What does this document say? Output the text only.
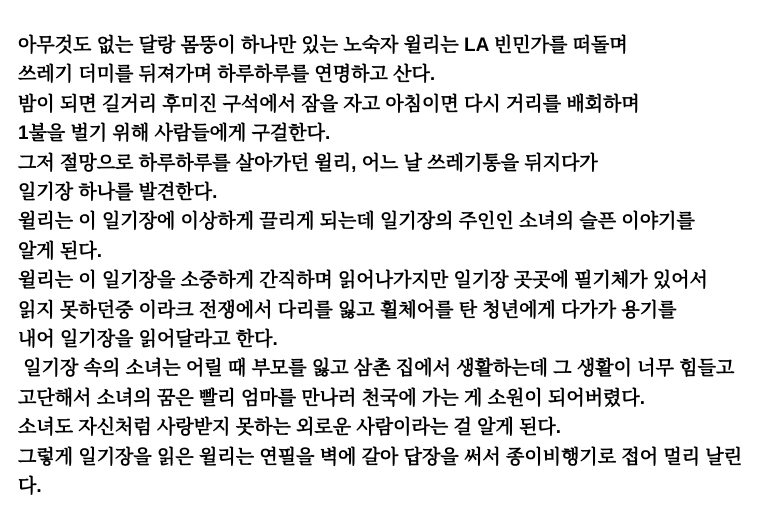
아무것도 없는 달랑 몸뚱이 하나만 있는 노숙자 윌리는 LA 빈민가를 떠돌며

쓰레기 더미를 뒤져가며 하루하루를 연명하고 산다.

밤이 되면 길거리 후미진 구석에서 잠을 자고 아침이면 다시 거리를 배회하며

1불을 벌기 위해 사람들에게 구걸한다.

그저 절망으로 하루하루를 살아가던 윌리, 어느 날 쓰레기통을 뒤지다가

일기장 하나를 발견한다.

윌리는 이 일기장에 이상하게 끌리게 되는데 일기장의 주인인 소녀의 슬픈 이야기를

알게 된다.

윌리는 이 일기장을 소중하게 간직하며 읽어나가지만 일기장 곳곳에 필기체가 있어서

읽지 못하던중 이라크 전쟁에서 다리를 잃고 휠체어를 탄 청년에게 다가가 용기를

내어 일기장을 읽어달라고 한다.

일기장 속의 소녀는 어릴 때 부모를 잃고 삼촌 집에서 생활하는데 그 생활이 너무 힘들고

고단해서 소녀의 꿈은 빨리 엄마를 만나러 천국에 가는 게 소원이 되어버렸다.

소녀도 자신처럼 사랑받지 못하는 외로운 사람이라는 걸 알게 된다.

그렇게 일기장을 읽은 윌리는 연필을 벽에 갈아 답장을 써서 종이비행기로 접어 멀리 날린다.
